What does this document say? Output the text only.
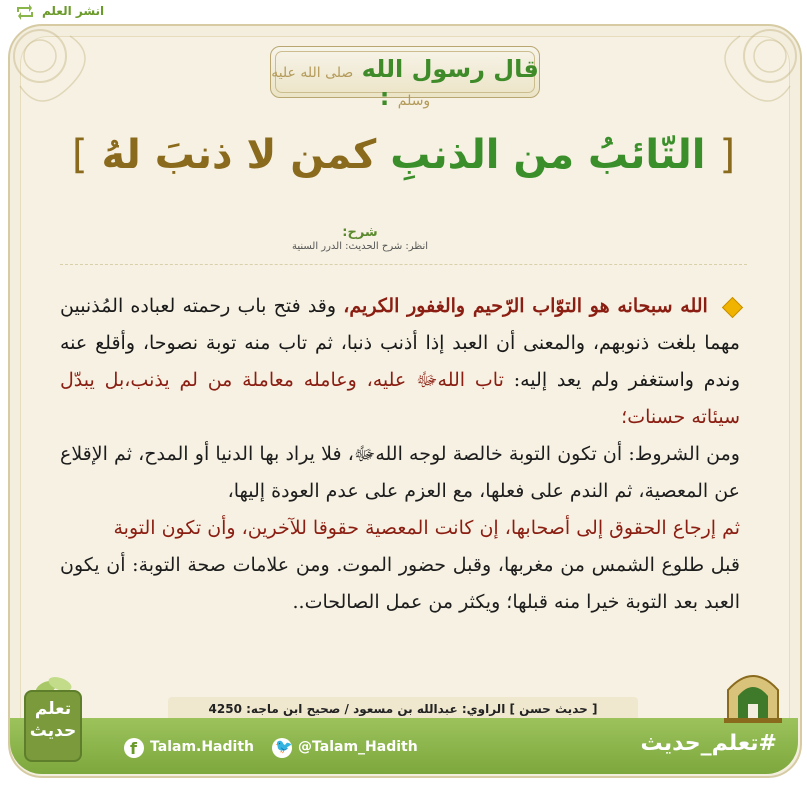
انشر العلم
قال رسول الله صلى الله عليه وسلم :
[ التّائبُ من الذنبِ كمن لا ذنبَ لهُ ]
شرح:
انظر: شرح الحديث: الدرر السنية

الله سبحانه هو التوّاب الرّحيم والغفور الكريم، وقد فتح باب رحمته لعباده المُذنبين مهما بلغت ذنوبهم، والمعنى أن العبد إذا أذنب ذنبا، ثم تاب منه توبة نصوحا، وأقلع عنه وندم واستغفر ولم يعد إليه: تاب اللهﷻ عليه، وعامله معاملة من لم يذنب،بل يبدّل سيئاته حسنات؛

ومن الشروط: أن تكون التوبة خالصة لوجه اللهﷻ، فلا يراد بها الدنيا أو المدح، ثم الإقلاع عن المعصية، ثم الندم على فعلها، مع العزم على عدم العودة إليها،

ثم إرجاع الحقوق إلى أصحابها، إن كانت المعصية حقوقا للآخرين، وأن تكون التوبة

قبل طلوع الشمس من مغربها، وقبل حضور الموت. ومن علامات صحة التوبة: أن يكون العبد بعد التوبة خيرا منه قبلها؛ ويكثر من عمل الصالحات..

[ حديث حسن ] الراوي: عبدالله بن مسعود / صحيح ابن ماجه: 4250
f Talam.Hadith 🐦 @Talam_Hadith	#تعلم_حديث
تعلم
حديث
